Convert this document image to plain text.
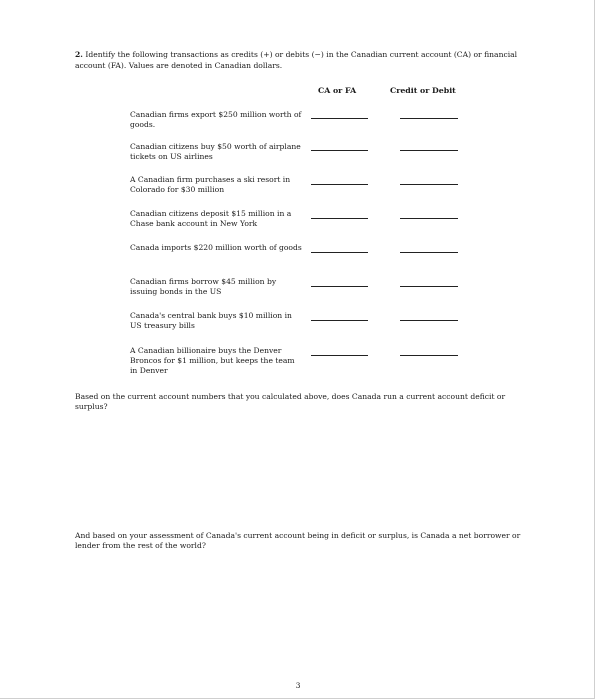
2. Identify the following transactions as credits (+) or debits (−) in the Canadian current account (CA) or financial account (FA). Values are denoted in Canadian dollars.
CA or FA	Credit or Debit
Canadian firms export $250 million worth of goods.
Canadian citizens buy $50 worth of airplane tickets on US airlines
A Canadian firm purchases a ski resort in Colorado for $30 million
Canadian citizens deposit $15 million in a Chase bank account in New York
Canada imports $220 million worth of goods
Canadian firms borrow $45 million by issuing bonds in the US
Canada's central bank buys $10 million in US treasury bills
A Canadian billionaire buys the Denver Broncos for $1 million, but keeps the team in Denver
Based on the current account numbers that you calculated above, does Canada run a current account deficit or surplus?
And based on your assessment of Canada's current account being in deficit or surplus, is Canada a net borrower or lender from the rest of the world?
3
